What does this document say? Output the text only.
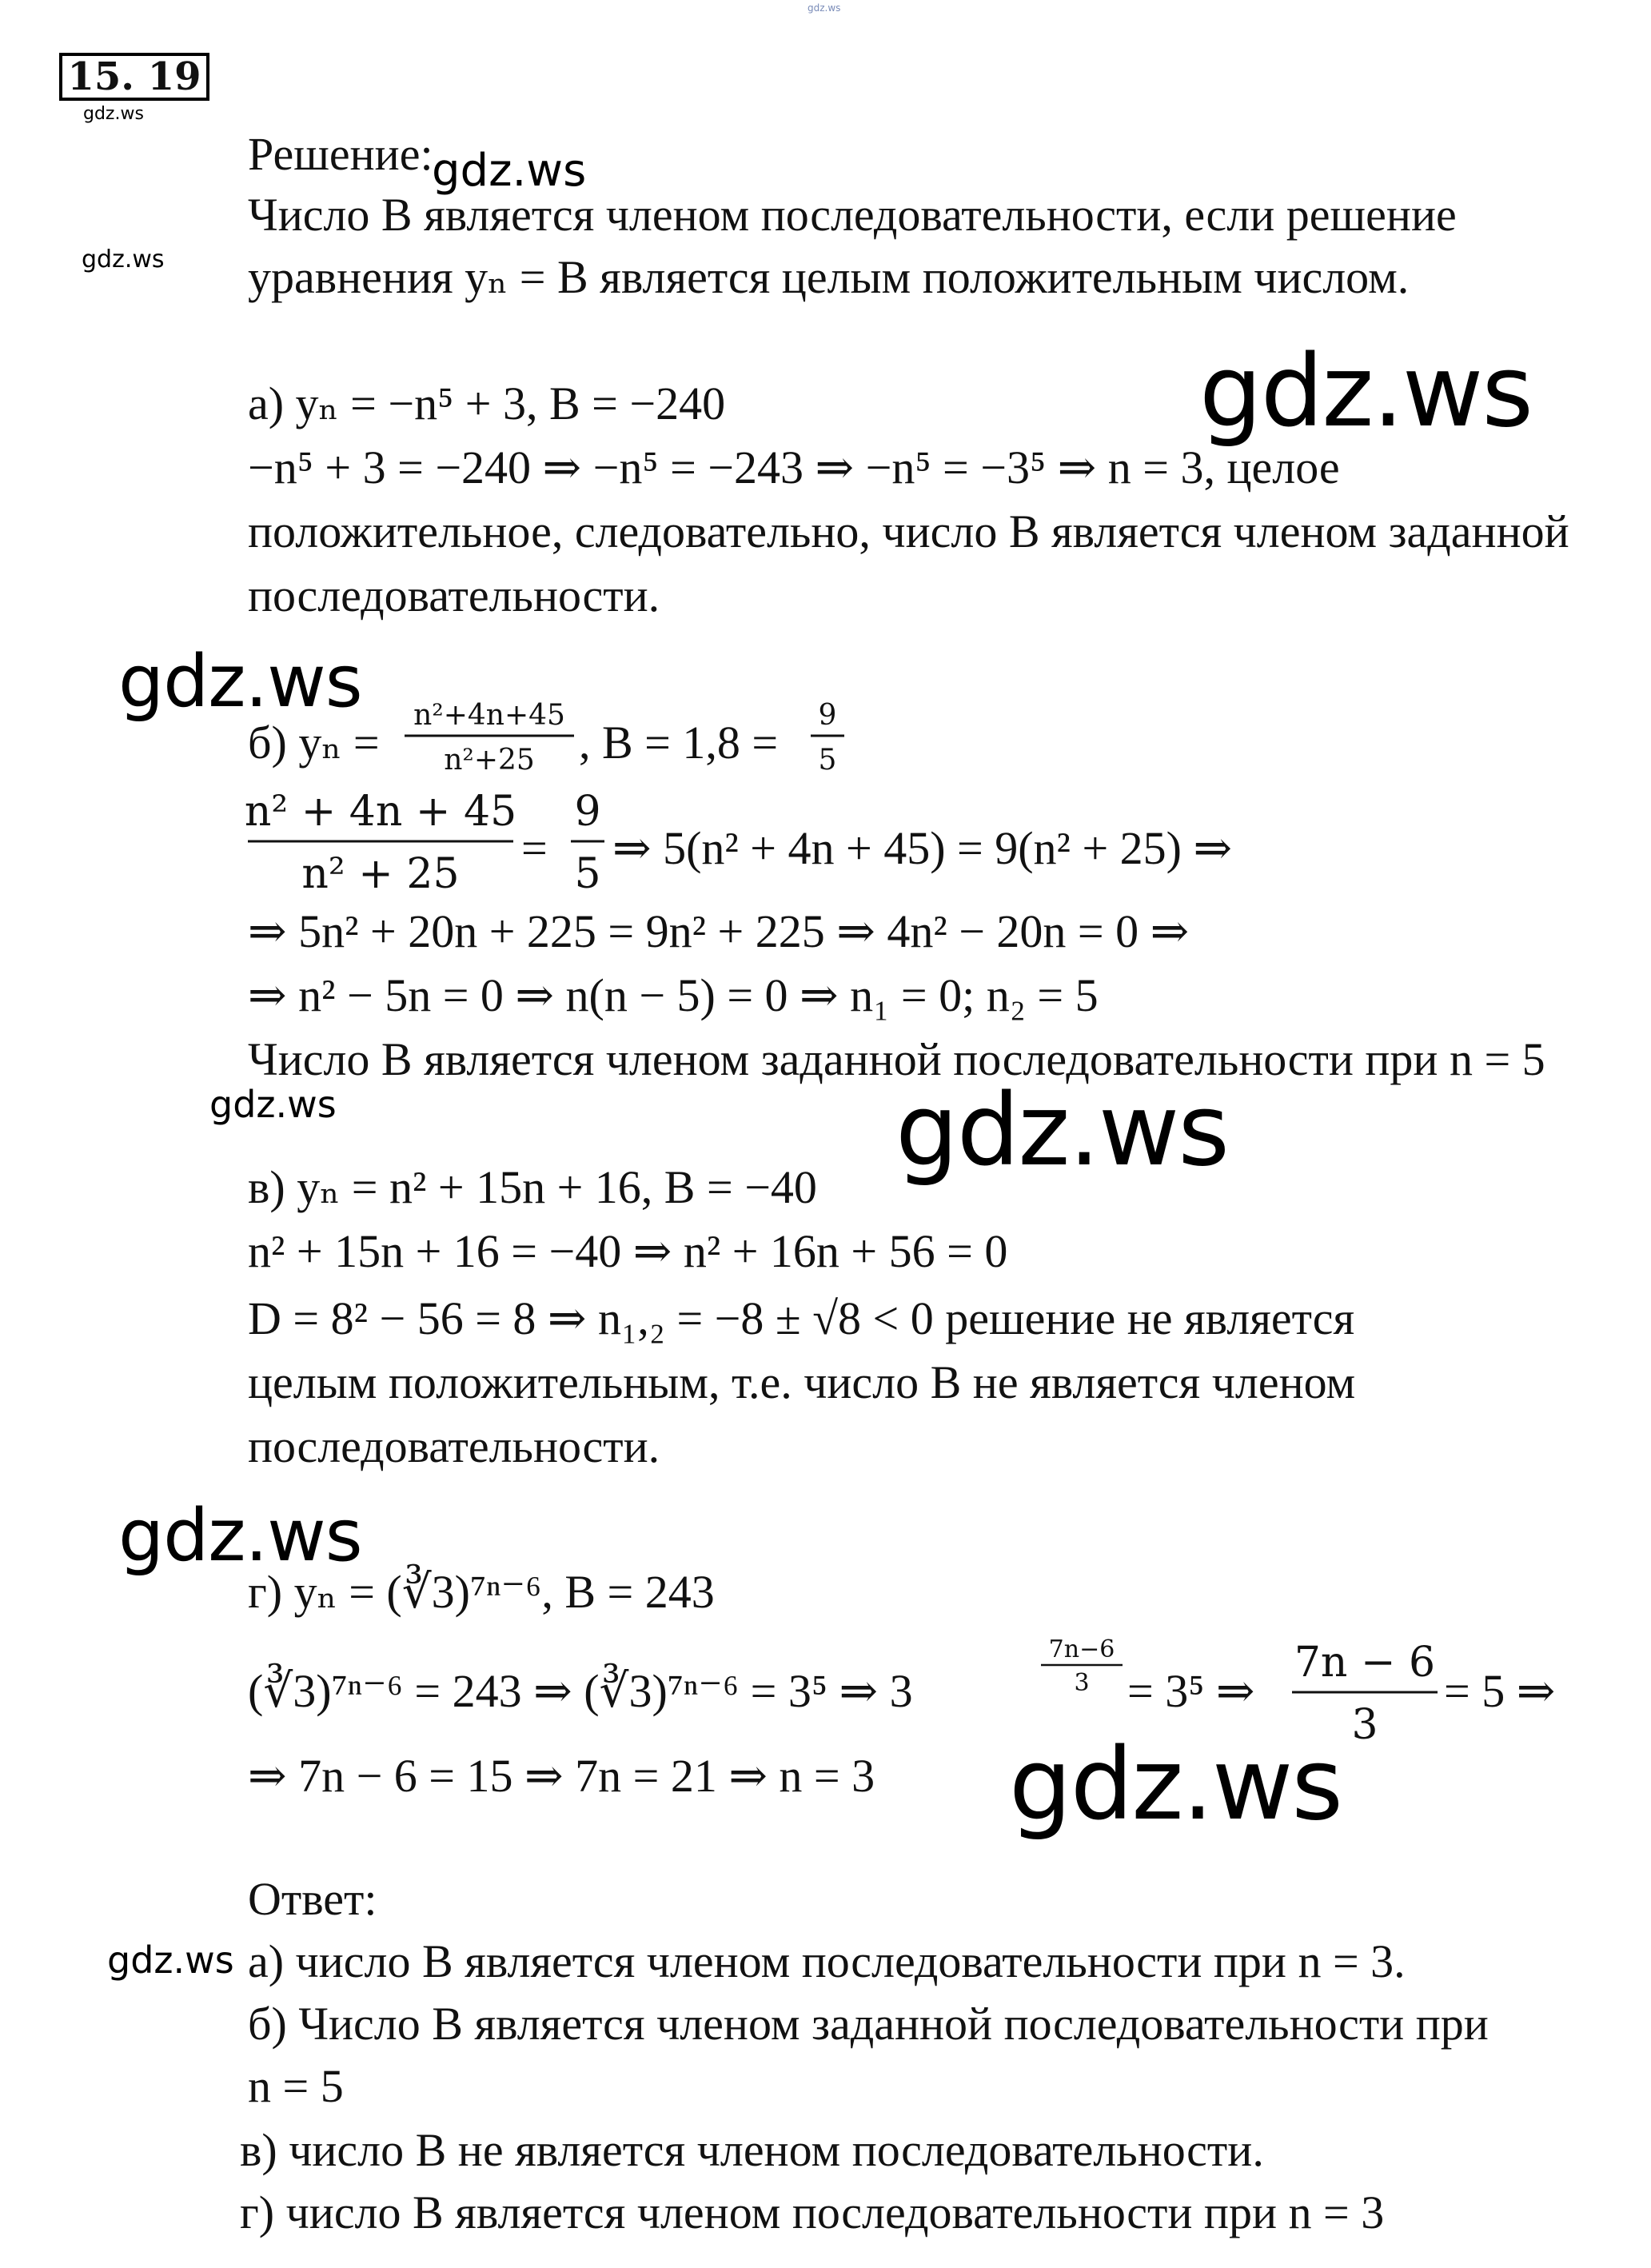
gdz.ws
gdz.ws
gdz.ws
gdz.ws
gdz.ws
gdz.ws
gdz.ws	gdz.ws
gdz.ws
gdz.ws
gdz.ws
15. 19
Решение:
Число В является членом последовательности, если решение
уравнения yₙ = B является целым положительным числом.
а) yₙ = −n⁵ + 3, B = −240
−n⁵ + 3 = −240 ⇒ −n⁵ = −243 ⇒ −n⁵ = −3⁵ ⇒ n = 3, целое
положительное, следовательно, число В является членом заданной
последовательности.
б) yₙ =
n²+4n+45
n²+25 , B = 1,8 =
9
5
n² + 4n + 45
n² + 25 =
9
5 ⇒ 5(n² + 4n + 45) = 9(n² + 25) ⇒
⇒ 5n² + 20n + 225 = 9n² + 225 ⇒ 4n² − 20n = 0 ⇒
⇒ n² − 5n = 0 ⇒ n(n − 5) = 0 ⇒ n₁ = 0; n₂ = 5
Число В является членом заданной последовательности при n = 5
в) yₙ = n² + 15n + 16, B = −40
n² + 15n + 16 = −40 ⇒ n² + 16n + 56 = 0
D = 8² − 56 = 8 ⇒ n₁,₂ = −8 ± √8 < 0 решение не является
целым положительным, т.е. число В не является членом
последовательности.
г) yₙ = (∛3)⁷ⁿ⁻⁶, B = 243
(∛3)⁷ⁿ⁻⁶ = 243 ⇒ (∛3)⁷ⁿ⁻⁶ = 3⁵ ⇒ 3
7n−6
3 = 3⁵ ⇒
7n − 6
3
= 5 ⇒
⇒ 7n − 6 = 15 ⇒ 7n = 21 ⇒ n = 3
Ответ:
а) число В является членом последовательности при n = 3.
б) Число В является членом заданной последовательности при
n = 5
в) число В не является членом последовательности.
г) число В является членом последовательности при n = 3
